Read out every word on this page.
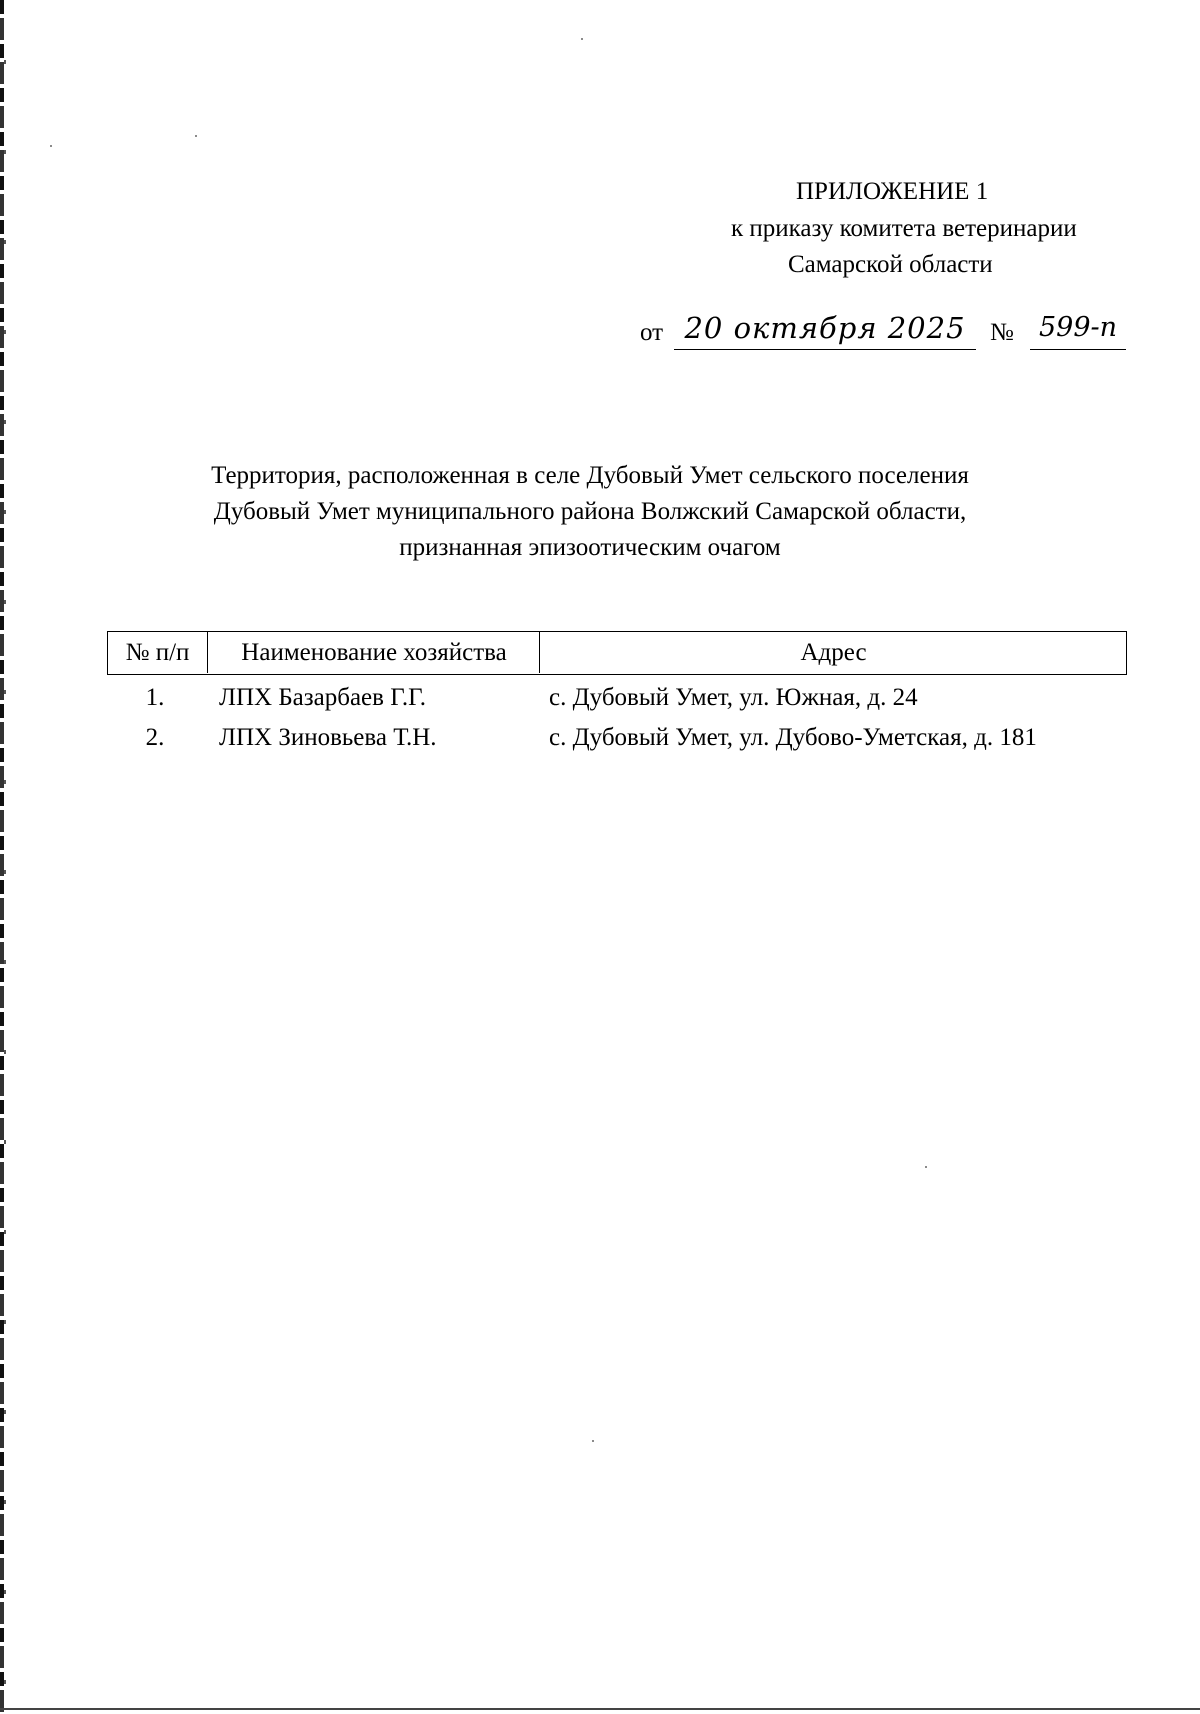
ПРИЛОЖЕНИЕ 1
к приказу комитета ветеринарии
Самарской области
от 20 октября 2025 № 599-п
Территория, расположенная в селе Дубовый Умет сельского поселения
Дубовый Умет муниципального района Волжский Самарской области,
признанная эпизоотическим очагом
№ п/п	Наименование хозяйства	Адрес
1.	ЛПХ Базарбаев Г.Г.	с. Дубовый Умет, ул. Южная, д. 24
2.	ЛПХ Зиновьева Т.Н.	с. Дубовый Умет, ул. Дубово-Уметская, д. 181
